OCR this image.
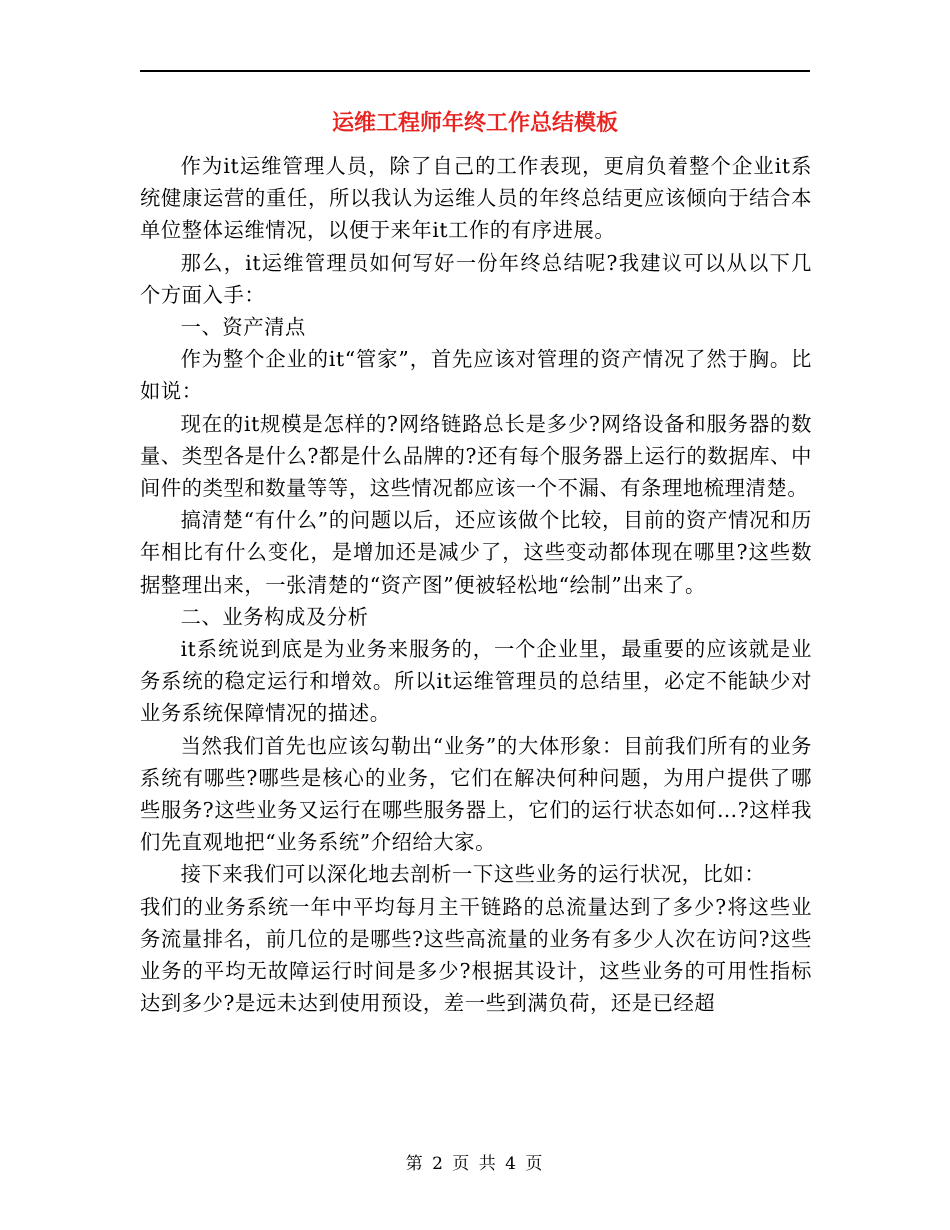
运维工程师年终工作总结模板

作为it运维管理人员，除了自己的工作表现，更肩负着整个企业it系统健康运营的重任，所以我认为运维人员的年终总结更应该倾向于结合本单位整体运维情况，以便于来年it工作的有序进展。

那么，it运维管理员如何写好一份年终总结呢?我建议可以从以下几个方面入手：

一、资产清点

作为整个企业的it“管家”，首先应该对管理的资产情况了然于胸。比如说：

现在的it规模是怎样的?网络链路总长是多少?网络设备和服务器的数量、类型各是什么?都是什么品牌的?还有每个服务器上运行的数据库、中间件的类型和数量等等，这些情况都应该一个不漏、有条理地梳理清楚。

搞清楚“有什么”的问题以后，还应该做个比较，目前的资产情况和历年相比有什么变化，是增加还是减少了，这些变动都体现在哪里?这些数据整理出来，一张清楚的“资产图”便被轻松地“绘制”出来了。

二、业务构成及分析

it系统说到底是为业务来服务的，一个企业里，最重要的应该就是业务系统的稳定运行和增效。所以it运维管理员的总结里，必定不能缺少对业务系统保障情况的描述。

当然我们首先也应该勾勒出“业务”的大体形象：目前我们所有的业务系统有哪些?哪些是核心的业务，它们在解决何种问题，为用户提供了哪些服务?这些业务又运行在哪些服务器上，它们的运行状态如何…?这样我们先直观地把“业务系统”介绍给大家。

接下来我们可以深化地去剖析一下这些业务的运行状况，比如：

我们的业务系统一年中平均每月主干链路的总流量达到了多少?将这些业务流量排名，前几位的是哪些?这些高流量的业务有多少人次在访问?这些业务的平均无故障运行时间是多少?根据其设计，这些业务的可用性指标达到多少?是远未达到使用预设，差一些到满负荷，还是已经超

第 2 页 共 4 页
